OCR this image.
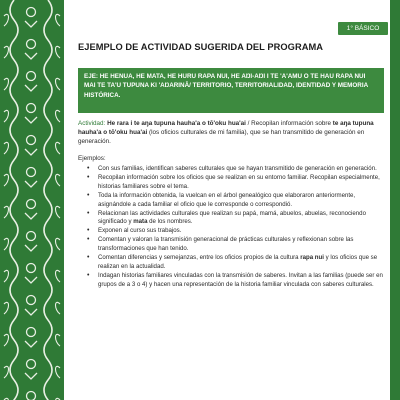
EJEMPLO DE ACTIVIDAD SUGERIDA DEL PROGRAMA
EJE: HE HENUA, HE MATA, HE HURU RAPA NUI, HE AŊI-AŊI I TE 'A'AMU O TE HAU RAPA NUI MAI TE TA'U TUPUNA KI 'AŊARINĀ/ TERRITORIO, TERRITORIALIDAD, IDENTIDAD Y MEMORIA HISTÓRICA.
Actividad: He rara i te aŋa tupuna hauha'a o tō'oku hua'ai / Recopilan información sobre te aŋa tupuna hauha'a o tō'oku hua'ai (los oficios culturales de mi familia), que se han transmitido de generación en generación.
Ejemplos:
• Con sus familias, identifican saberes culturales que se hayan transmitido de generación en generación.
• Recopilan información sobre los oficios que se realizan en su entorno familiar. Recopilan especialmente, historias familiares sobre el tema.
• Toda la información obtenida, la vuelcan en el árbol genealógico que elaboraron anteriormente, asignándole a cada familiar el oficio que le corresponde o correspondió.
• Relacionan las actividades culturales que realizan su papá, mamá, abuelos, abuelas, reconociendo significado y mata de los nombres.
• Exponen al curso sus trabajos.
• Comentan y valoran la transmisión generacional de prácticas culturales y reflexionan sobre las transformaciones que han tenido.
• Comentan diferencias y semejanzas, entre los oficios propios de la cultura rapa nui y los oficios que se realizan en la actualidad.
• Indagan historias familiares vinculadas con la transmisión de saberes. Invitan a las familias (puede ser en grupos de a 3 o 4) y hacen una representación de la historia familiar vinculada con saberes culturales.
1° BÁSICO Unidad 4
